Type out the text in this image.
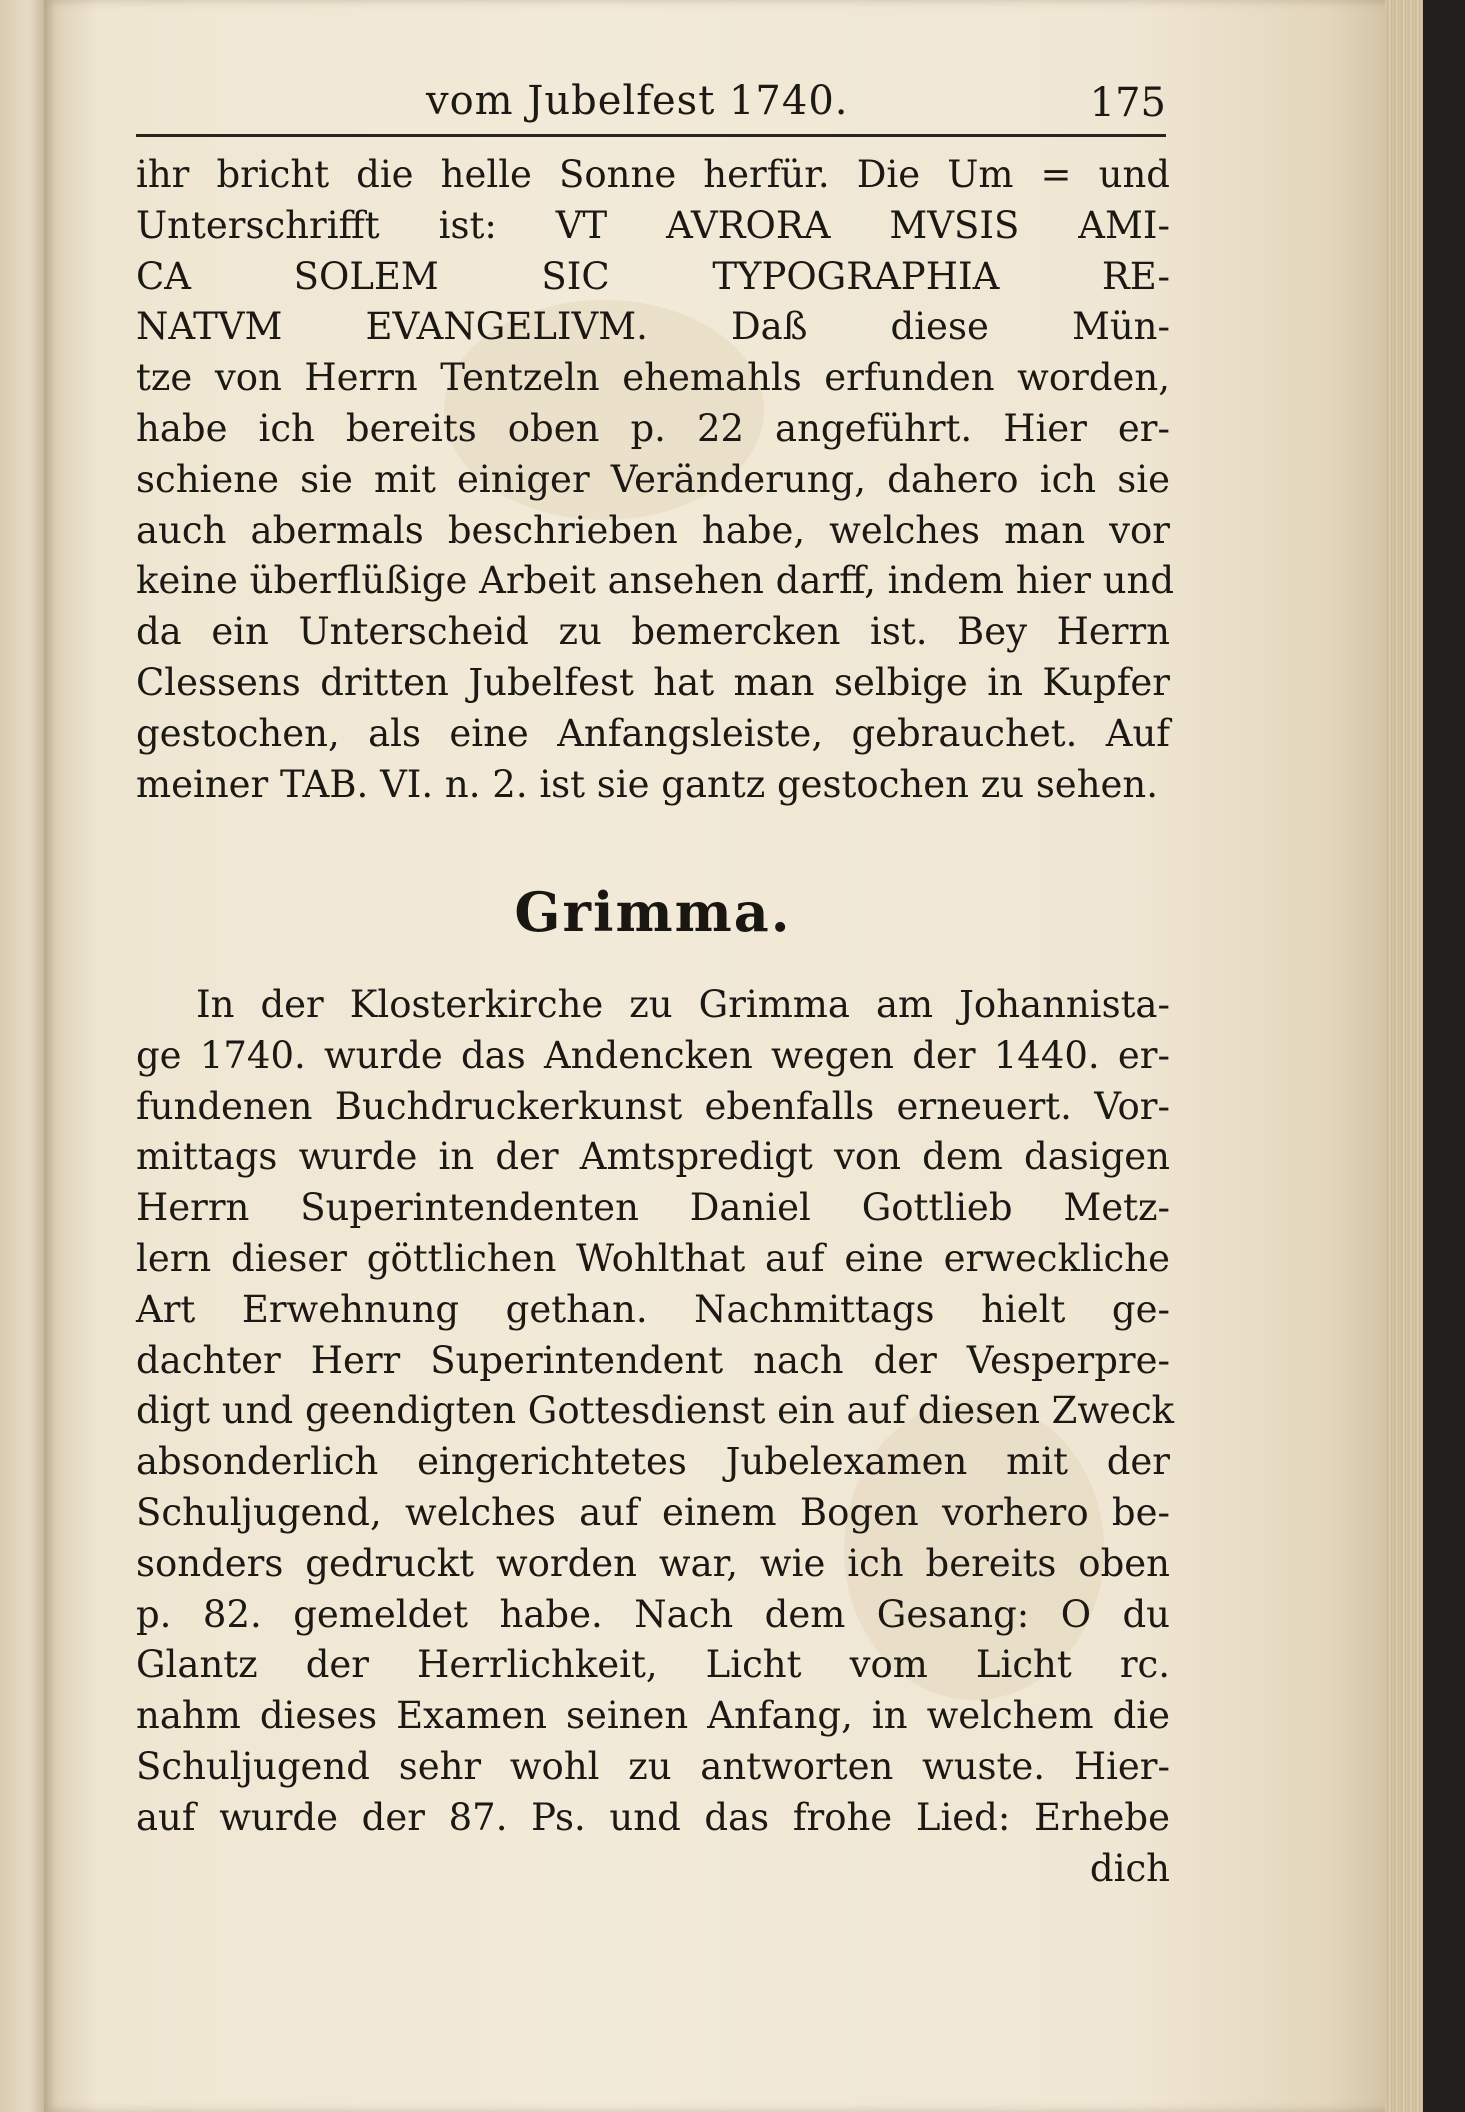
vom Jubelfest 1740.	175
ihr bricht die helle Sonne herfür. Die Um = und
Unterschrifft ist: VT AVRORA MVSIS AMI-
CA SOLEM SIC TYPOGRAPHIA RE-
NATVM EVANGELIVM. Daß diese Mün-
tze von Herrn Tentzeln ehemahls erfunden worden,
habe ich bereits oben p. 22 angeführt. Hier er-
schiene sie mit einiger Veränderung, dahero ich sie
auch abermals beschrieben habe, welches man vor
keine überflüßige Arbeit ansehen darff, indem hier und
da ein Unterscheid zu bemercken ist. Bey Herrn
Clessens dritten Jubelfest hat man selbige in Kupfer
gestochen, als eine Anfangsleiste, gebrauchet. Auf
meiner TAB. VI. n. 2. ist sie gantz gestochen zu sehen.
Grimma.
In der Klosterkirche zu Grimma am Johannista-
ge 1740. wurde das Andencken wegen der 1440. er-
fundenen Buchdruckerkunst ebenfalls erneuert. Vor-
mittags wurde in der Amtspredigt von dem dasigen
Herrn Superintendenten Daniel Gottlieb Metz-
lern dieser göttlichen Wohlthat auf eine erweckliche
Art Erwehnung gethan. Nachmittags hielt ge-
dachter Herr Superintendent nach der Vesperpre-
digt und geendigten Gottesdienst ein auf diesen Zweck
absonderlich eingerichtetes Jubelexamen mit der
Schuljugend, welches auf einem Bogen vorhero be-
sonders gedruckt worden war, wie ich bereits oben
p. 82. gemeldet habe. Nach dem Gesang: O du
Glantz der Herrlichkeit, Licht vom Licht rc.
nahm dieses Examen seinen Anfang, in welchem die
Schuljugend sehr wohl zu antworten wuste. Hier-
auf wurde der 87. Ps. und das frohe Lied: Erhebe
dich
